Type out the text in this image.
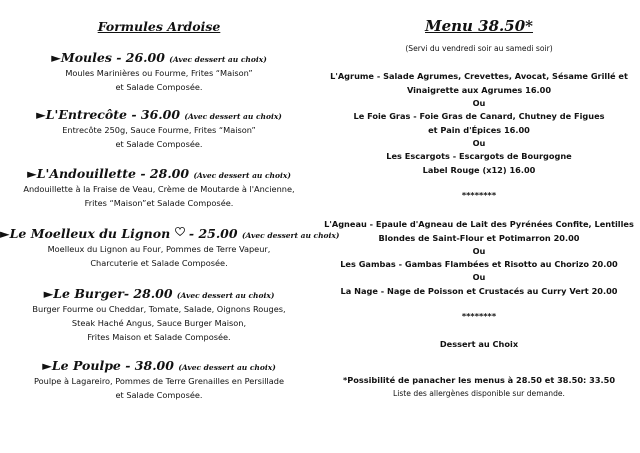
Formules Ardoise
►Moules - 26.00 (Avec dessert au choix)
Moules Marinières ou Fourme, Frites “Maison”
et Salade Composée.
►L'Entrecôte - 36.00 (Avec dessert au choix)
Entrecôte 250g, Sauce Fourme, Frites “Maison”
et Salade Composée.
►L'Andouillette - 28.00 (Avec dessert au choix)
Andouillette à la Fraise de Veau, Crème de Moutarde à l'Ancienne,
Frites “Maison”et Salade Composée.
►Le Moelleux du Lignon  - 25.00 (Avec dessert au choix)
Moelleux du Lignon au Four, Pommes de Terre Vapeur,
Charcuterie et Salade Composée.
►Le Burger- 28.00 (Avec dessert au choix)
Burger Fourme ou Cheddar, Tomate, Salade, Oignons Rouges,
Steak Haché Angus, Sauce Burger Maison,
Frites Maison et Salade Composée.
►Le Poulpe - 38.00 (Avec dessert au choix)
Poulpe à Lagareiro, Pommes de Terre Grenailles en Persillade
et Salade Composée.
Menu 38.50*
(Servi du vendredi soir au samedi soir)
L'Agrume - Salade Agrumes, Crevettes, Avocat, Sésame Grillé et
Vinaigrette aux Agrumes 16.00
Ou
Le Foie Gras - Foie Gras de Canard, Chutney de Figues
et Pain d'Épices 16.00
Ou
Les Escargots - Escargots de Bourgogne
Label Rouge (x12) 16.00
********
L'Agneau - Epaule d'Agneau de Lait des Pyrénées Confite, Lentilles
Blondes de Saint-Flour et Potimarron 20.00
Ou
Les Gambas - Gambas Flambées et Risotto au Chorizo 20.00
Ou
La Nage - Nage de Poisson et Crustacés au Curry Vert 20.00
********
Dessert au Choix
*Possibilité de panacher les menus à 28.50 et 38.50: 33.50
Liste des allergènes disponible sur demande.
